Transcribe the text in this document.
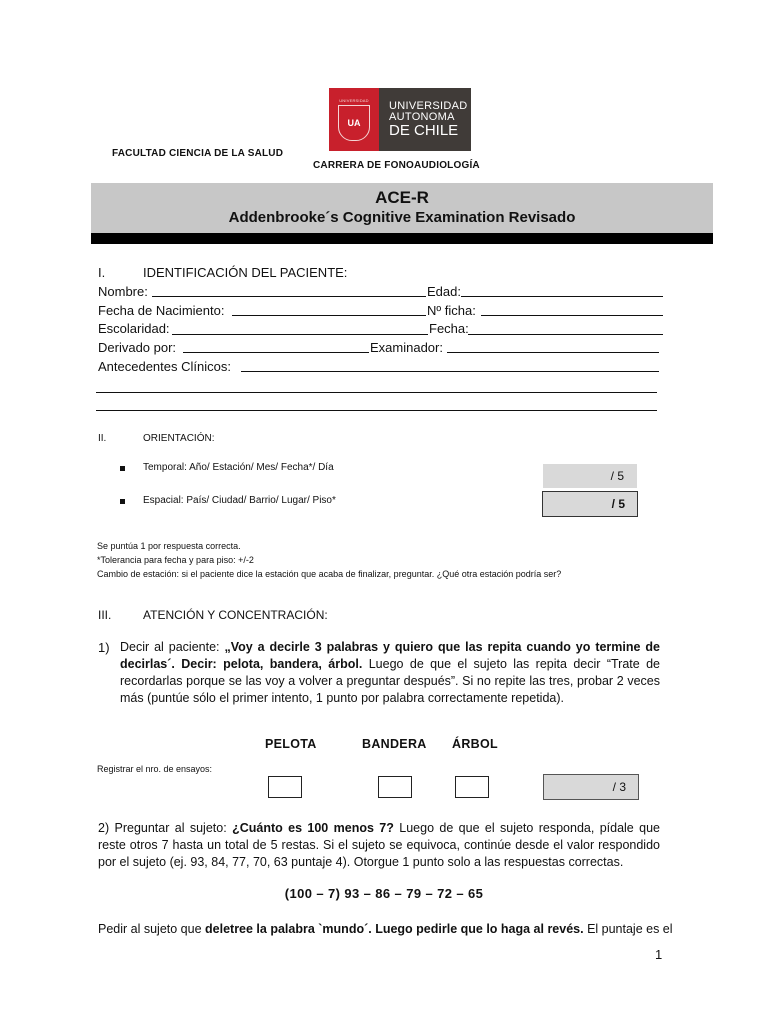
UNIVERSIDAD
UA
UNIVERSIDAD
AUTONOMA
DE CHILE
FACULTAD CIENCIA DE LA SALUD
CARRERA DE FONOAUDIOLOGÍA
ACE-R
Addenbrooke´s Cognitive Examination Revisado
I.	IDENTIFICACIÓN DEL PACIENTE:
Nombre:	Edad:
Fecha de Nacimiento:	Nº ficha:
Escolaridad:	Fecha:
Derivado por:	Examinador:
Antecedentes Clínicos:
II.	ORIENTACIÓN:
Temporal: Año/ Estación/ Mes/ Fecha*/ Día
/ 5
Espacial: País/ Ciudad/ Barrio/ Lugar/ Piso*	/ 5
Se puntúa 1 por respuesta correcta.
*Tolerancia para fecha y para piso: +/-2
Cambio de estación: si el paciente dice la estación que acaba de finalizar, preguntar. ¿Qué otra estación podría ser?
III.	ATENCIÓN Y CONCENTRACIÓN:
1) Decir al paciente: „Voy a decirle 3 palabras y quiero que las repita cuando yo termine de decirlas´. Decir: pelota, bandera, árbol. Luego de que el sujeto las repita decir “Trate de recordarlas porque se las voy a volver a preguntar después”. Si no repite las tres, probar 2 veces más (puntúe sólo el primer intento, 1 punto por palabra correctamente repetida).
PELOTA	BANDERA ÁRBOL
Registrar el nro. de ensayos:
/ 3
2) Preguntar al sujeto: ¿Cuánto es 100 menos 7? Luego de que el sujeto responda, pídale que reste otros 7 hasta un total de 5 restas. Si el sujeto se equivoca, continúe desde el valor respondido por el sujeto (ej. 93, 84, 77, 70, 63 puntaje 4). Otorgue 1 punto solo a las respuestas correctas.
(100 – 7) 93 – 86 – 79 – 72 – 65
Pedir al sujeto que deletree la palabra `mundo´. Luego pedirle que lo haga al revés. El puntaje es el
1
